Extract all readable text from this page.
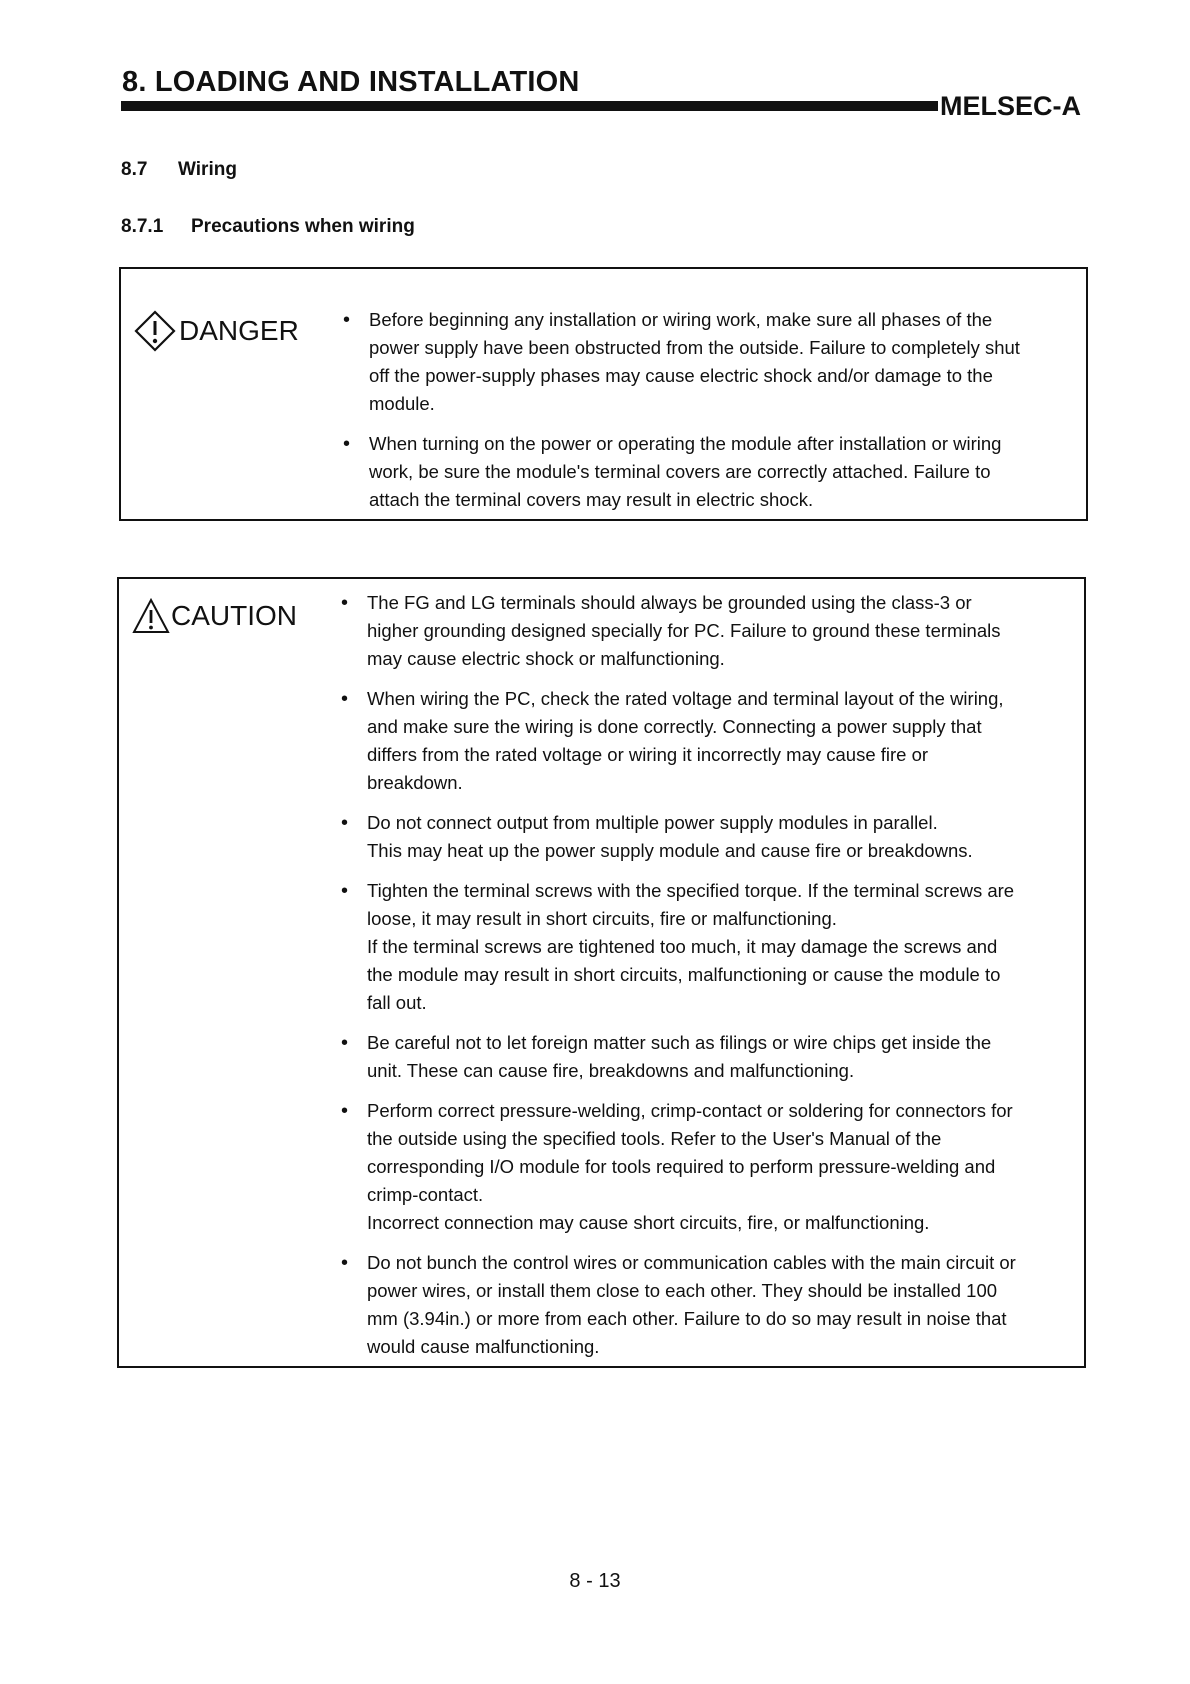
8. LOADING AND INSTALLATION
MELSEC-A
8.7 Wiring
8.7.1 Precautions when wiring
DANGER	• Before beginning any installation or wiring work, make sure all phases of the
power supply have been obstructed from the outside. Failure to completely shut
off the power-supply phases may cause electric shock and/or damage to the
module.
• When turning on the power or operating the module after installation or wiring
work, be sure the module's terminal covers are correctly attached. Failure to
attach the terminal covers may result in electric shock.
CAUTION	• The FG and LG terminals should always be grounded using the class-3 or
higher grounding designed specially for PC. Failure to ground these terminals
may cause electric shock or malfunctioning.
• When wiring the PC, check the rated voltage and terminal layout of the wiring,
and make sure the wiring is done correctly. Connecting a power supply that
differs from the rated voltage or wiring it incorrectly may cause fire or
breakdown.
• Do not connect output from multiple power supply modules in parallel.
This may heat up the power supply module and cause fire or breakdowns.
• Tighten the terminal screws with the specified torque. If the terminal screws are
loose, it may result in short circuits, fire or malfunctioning.
If the terminal screws are tightened too much, it may damage the screws and
the module may result in short circuits, malfunctioning or cause the module to
fall out.
• Be careful not to let foreign matter such as filings or wire chips get inside the
unit. These can cause fire, breakdowns and malfunctioning.
• Perform correct pressure-welding, crimp-contact or soldering for connectors for
the outside using the specified tools. Refer to the User's Manual of the
corresponding I/O module for tools required to perform pressure-welding and
crimp-contact.
Incorrect connection may cause short circuits, fire, or malfunctioning.
• Do not bunch the control wires or communication cables with the main circuit or
power wires, or install them close to each other. They should be installed 100
mm (3.94in.) or more from each other. Failure to do so may result in noise that
would cause malfunctioning.
8 - 13
